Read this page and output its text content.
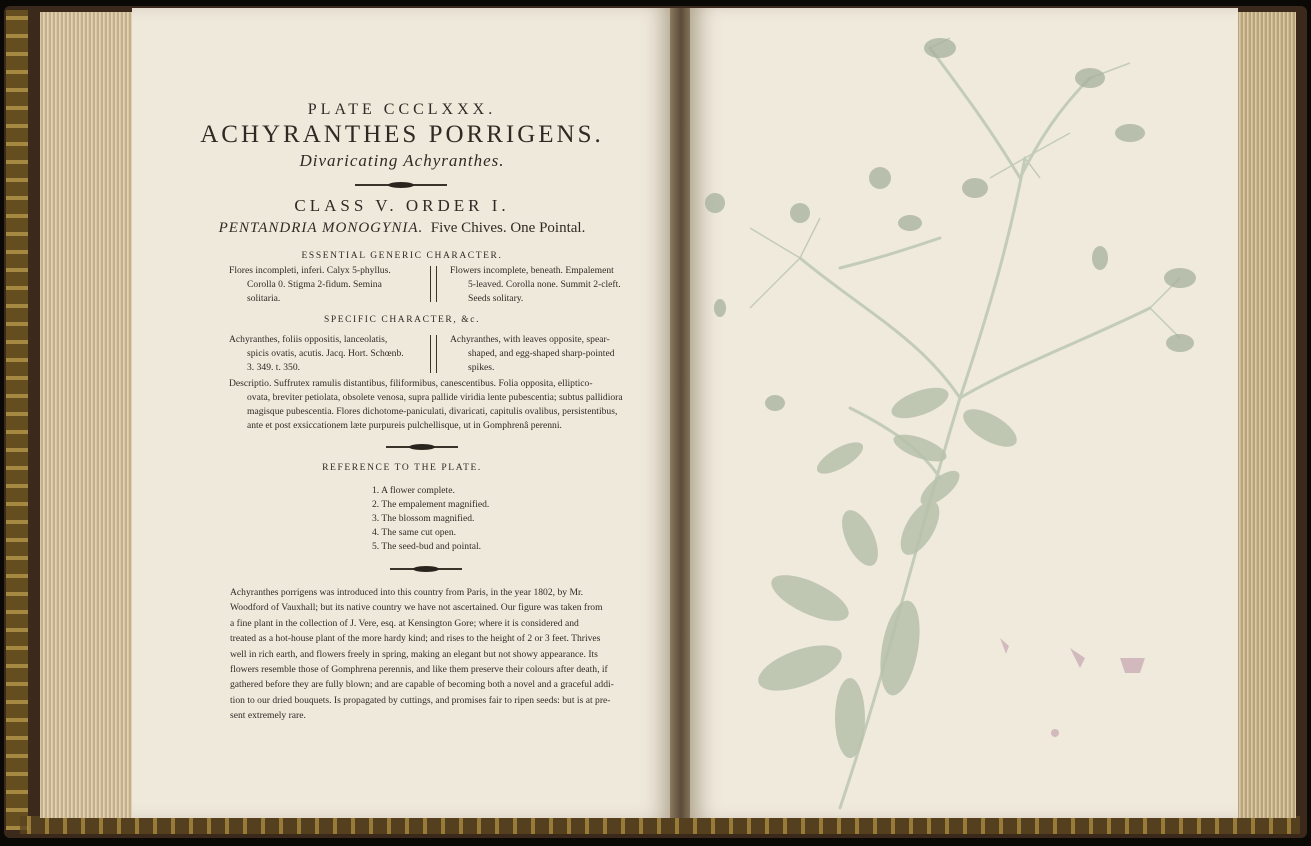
PLATE CCCLXXX.
ACHYRANTHES PORRIGENS.
Divaricating Achyranthes.
CLASS V. ORDER I.
PENTANDRIA MONOGYNIA. Five Chives. One Pointal.
ESSENTIAL GENERIC CHARACTER.
Flores incompleti, inferi. Calyx 5-phyllus.
Corolla 0. Stigma 2-fidum. Semina
solitaria.
Flowers incomplete, beneath. Empalement
5-leaved. Corolla none. Summit 2-cleft.
Seeds solitary.
SPECIFIC CHARACTER, &c.
Achyranthes, foliis oppositis, lanceolatis,
spicis ovatis, acutis. Jacq. Hort. Schœnb.
3. 349. t. 350.
Achyranthes, with leaves opposite, spear-
shaped, and egg-shaped sharp-pointed
spikes.
Descriptio. Suffrutex ramulis distantibus, filiformibus, canescentibus. Folia opposita, elliptico-
ovata, breviter petiolata, obsolete venosa, supra pallide viridia lente pubescentia; subtus pallidiora
magisque pubescentia. Flores dichotome-paniculati, divaricati, capitulis ovalibus, persistentibus,
ante et post exsiccationem læte purpureis pulchellisque, ut in Gomphrenâ perenni.
REFERENCE TO THE PLATE.
1. A flower complete.
2. The empalement magnified.
3. The blossom magnified.
4. The same cut open.
5. The seed-bud and pointal.
Achyranthes porrigens was introduced into this country from Paris, in the year 1802, by Mr.
Woodford of Vauxhall; but its native country we have not ascertained. Our figure was taken from
a fine plant in the collection of J. Vere, esq. at Kensington Gore; where it is considered and
treated as a hot-house plant of the more hardy kind; and rises to the height of 2 or 3 feet. Thrives
well in rich earth, and flowers freely in spring, making an elegant but not showy appearance. Its
flowers resemble those of Gomphrena perennis, and like them preserve their colours after death, if
gathered before they are fully blown; and are capable of becoming both a novel and a graceful addi-
tion to our dried bouquets. Is propagated by cuttings, and promises fair to ripen seeds: but is at pre-
sent extremely rare.
